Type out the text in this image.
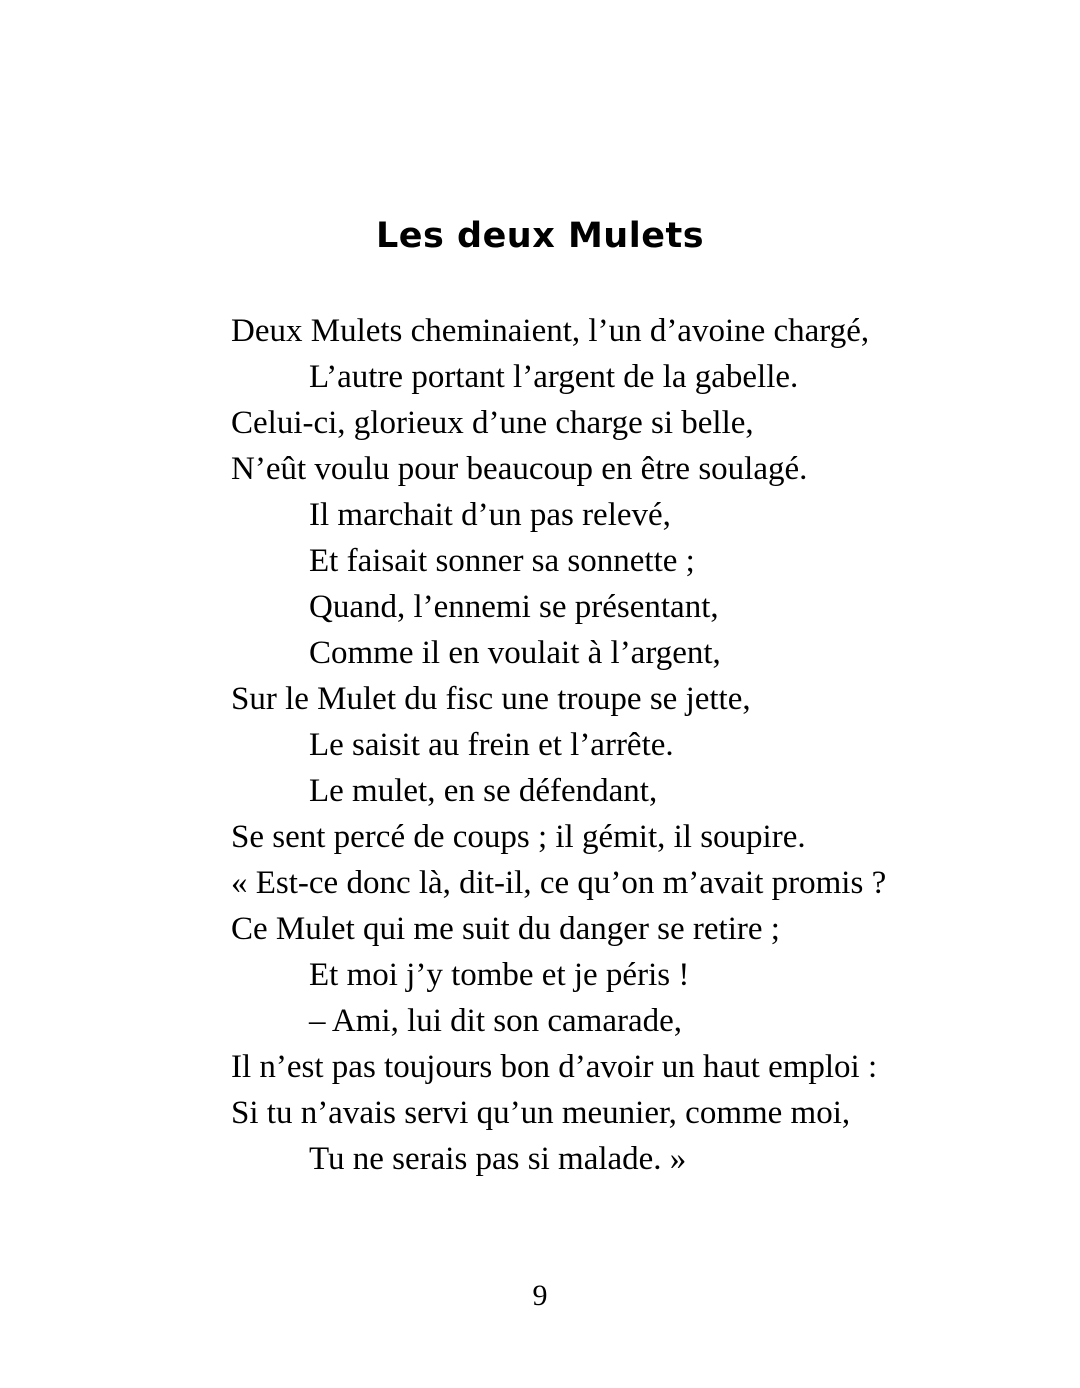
Les deux Mulets
Deux Mulets cheminaient, l’un d’avoine chargé,
L’autre portant l’argent de la gabelle.
Celui-ci, glorieux d’une charge si belle,
N’eût voulu pour beaucoup en être soulagé.
Il marchait d’un pas relevé,
Et faisait sonner sa sonnette ;
Quand, l’ennemi se présentant,
Comme il en voulait à l’argent,
Sur le Mulet du fisc une troupe se jette,
Le saisit au frein et l’arrête.
Le mulet, en se défendant,
Se sent percé de coups ; il gémit, il soupire.
« Est-ce donc là, dit-il, ce qu’on m’avait promis ?
Ce Mulet qui me suit du danger se retire ;
Et moi j’y tombe et je péris !
– Ami, lui dit son camarade,
Il n’est pas toujours bon d’avoir un haut emploi :
Si tu n’avais servi qu’un meunier, comme moi,
Tu ne serais pas si malade. »
9
